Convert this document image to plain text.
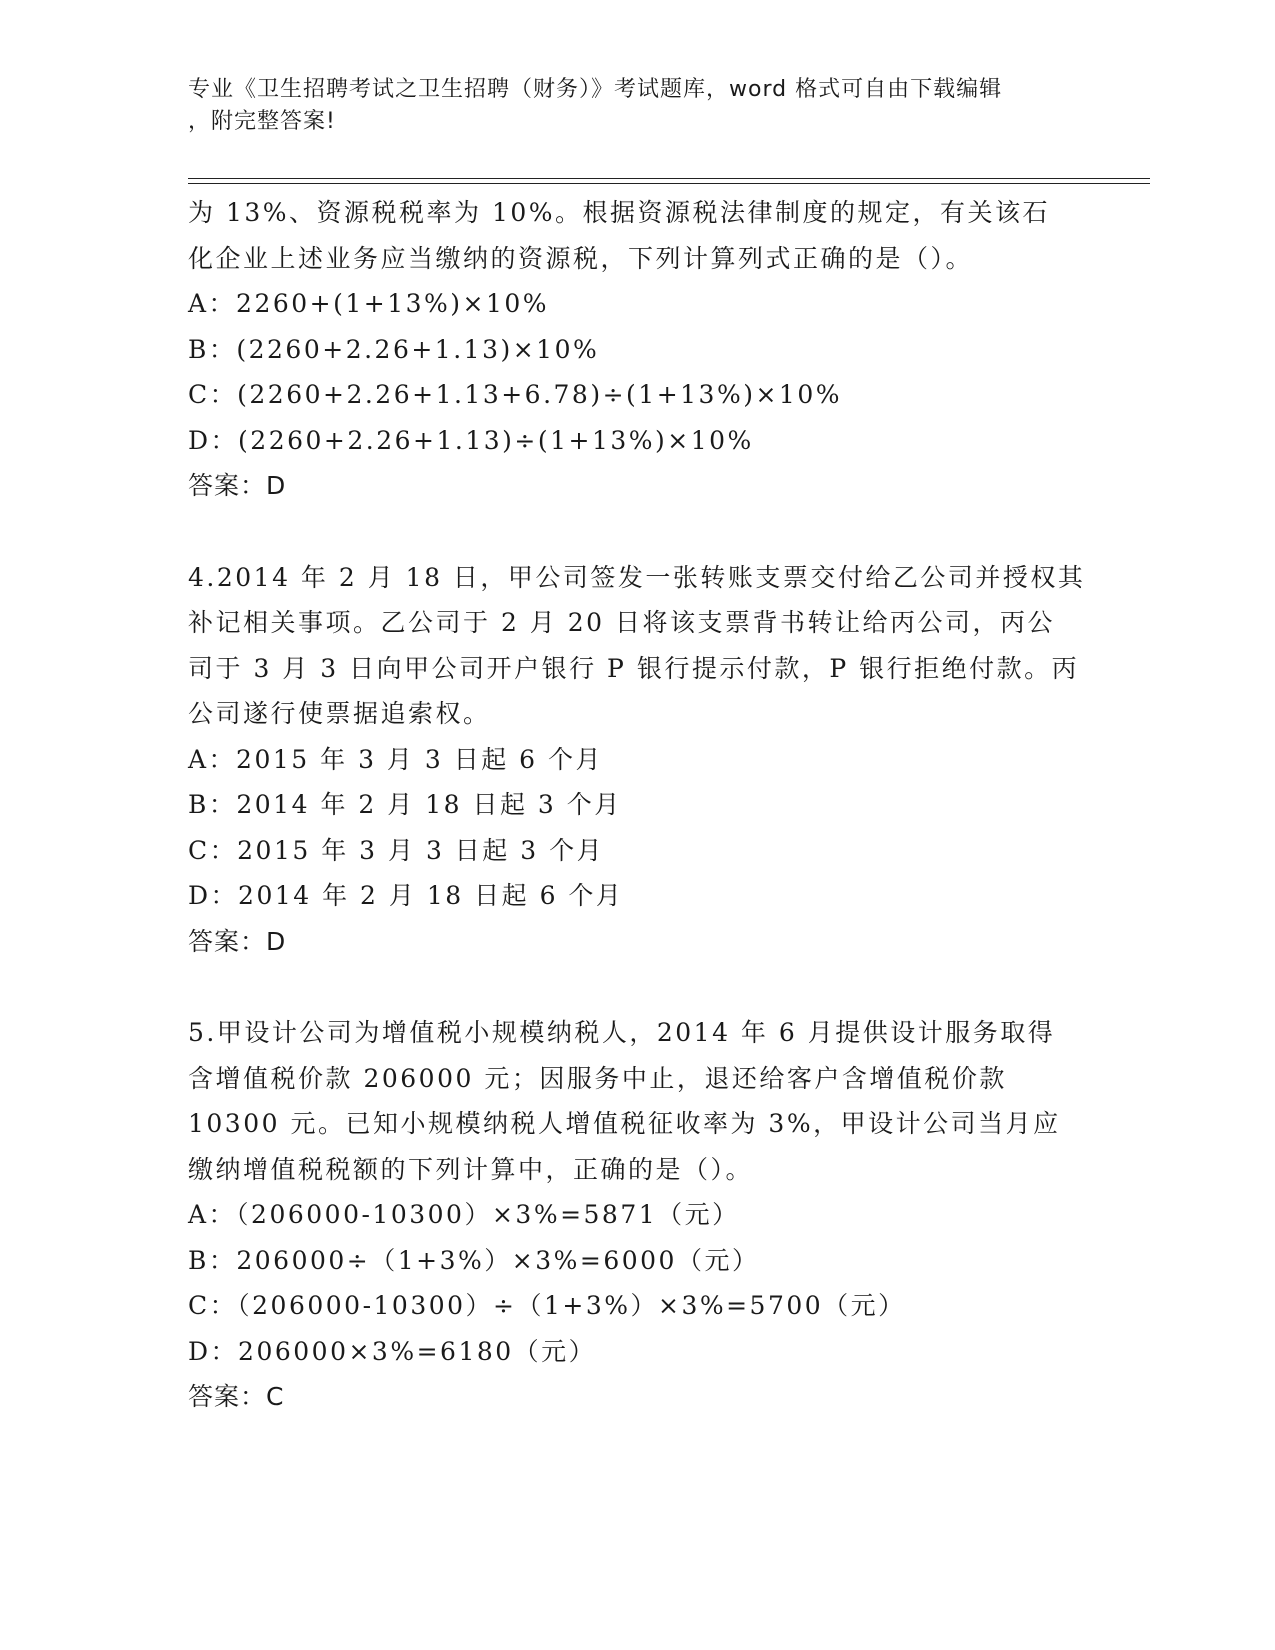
专业《卫生招聘考试之卫生招聘（财务）》考试题库，word 格式可自由下载编辑
，附完整答案!
为 13%、资源税税率为 10%。根据资源税法律制度的规定，有关该石
化企业上述业务应当缴纳的资源税，下列计算列式正确的是（）。
A：2260+(1+13%)×10%
B：(2260+2.26+1.13)×10%
C：(2260+2.26+1.13+6.78)÷(1+13%)×10%
D：(2260+2.26+1.13)÷(1+13%)×10%
答案：D
4.2014 年 2 月 18 日，甲公司签发一张转账支票交付给乙公司并授权其
补记相关事项。乙公司于 2 月 20 日将该支票背书转让给丙公司，丙公
司于 3 月 3 日向甲公司开户银行 P 银行提示付款，P 银行拒绝付款。丙
公司遂行使票据追索权。
A：2015 年 3 月 3 日起 6 个月
B：2014 年 2 月 18 日起 3 个月
C：2015 年 3 月 3 日起 3 个月
D：2014 年 2 月 18 日起 6 个月
答案：D
5.甲设计公司为增值税小规模纳税人，2014 年 6 月提供设计服务取得
含增值税价款 206000 元；因服务中止，退还给客户含增值税价款
10300 元。已知小规模纳税人增值税征收率为 3%，甲设计公司当月应
缴纳增值税税额的下列计算中，正确的是（）。
A：（206000-10300）×3%=5871（元）
B：206000÷（1+3%）×3%=6000（元）
C：（206000-10300）÷（1+3%）×3%=5700（元）
D：206000×3%=6180（元）
答案：C
